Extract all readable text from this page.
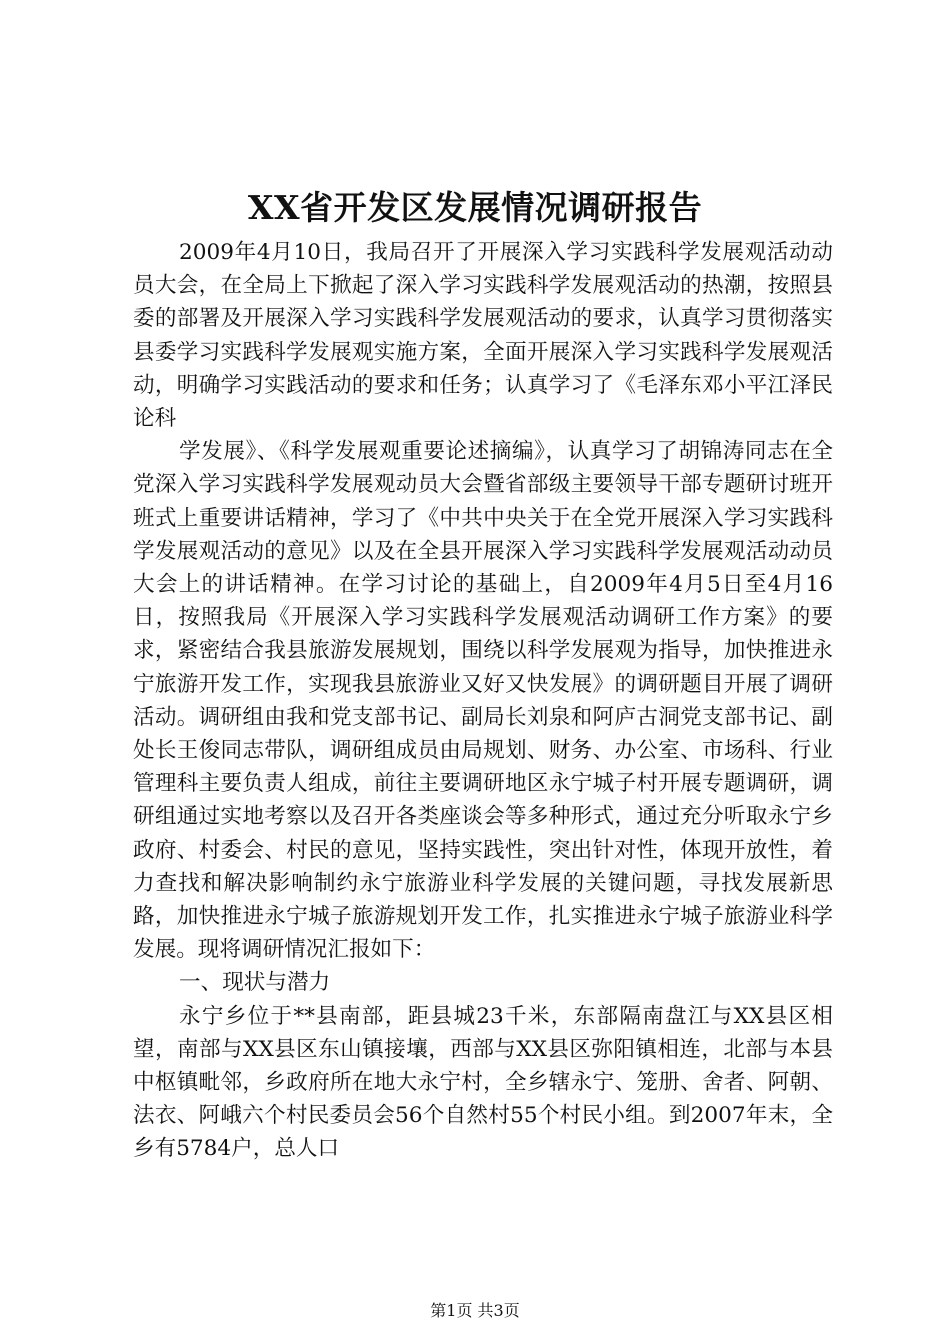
XX省开发区发展情况调研报告

2009年4月10日，我局召开了开展深入学习实践科学发展观活动动员大会，在全局上下掀起了深入学习实践科学发展观活动的热潮，按照县委的部署及开展深入学习实践科学发展观活动的要求，认真学习贯彻落实县委学习实践科学发展观实施方案，全面开展深入学习实践科学发展观活动，明确学习实践活动的要求和任务；认真学习了《毛泽东邓小平江泽民论科

学发展》、《科学发展观重要论述摘编》，认真学习了胡锦涛同志在全党深入学习实践科学发展观动员大会暨省部级主要领导干部专题研讨班开班式上重要讲话精神，学习了《中共中央关于在全党开展深入学习实践科学发展观活动的意见》以及在全县开展深入学习实践科学发展观活动动员大会上的讲话精神。在学习讨论的基础上，自2009年4月5日至4月16日，按照我局《开展深入学习实践科学发展观活动调研工作方案》的要求，紧密结合我县旅游发展规划，围绕以科学发展观为指导，加快推进永宁旅游开发工作，实现我县旅游业又好又快发展》的调研题目开展了调研活动。调研组由我和党支部书记、副局长刘泉和阿庐古洞党支部书记、副处长王俊同志带队，调研组成员由局规划、财务、办公室、市场科、行业管理科主要负责人组成，前往主要调研地区永宁城子村开展专题调研，调研组通过实地考察以及召开各类座谈会等多种形式，通过充分听取永宁乡政府、村委会、村民的意见，坚持实践性，突出针对性，体现开放性，着力查找和解决影响制约永宁旅游业科学发展的关键问题，寻找发展新思路，加快推进永宁城子旅游规划开发工作，扎实推进永宁城子旅游业科学发展。现将调研情况汇报如下：

一、现状与潜力

永宁乡位于**县南部，距县城23千米，东部隔南盘江与XX县区相望，南部与XX县区东山镇接壤，西部与XX县区弥阳镇相连，北部与本县中枢镇毗邻，乡政府所在地大永宁村，全乡辖永宁、笼册、舍者、阿朝、法衣、阿峨六个村民委员会56个自然村55个村民小组。到2007年末，全乡有5784户，总人口

第1页 共3页
